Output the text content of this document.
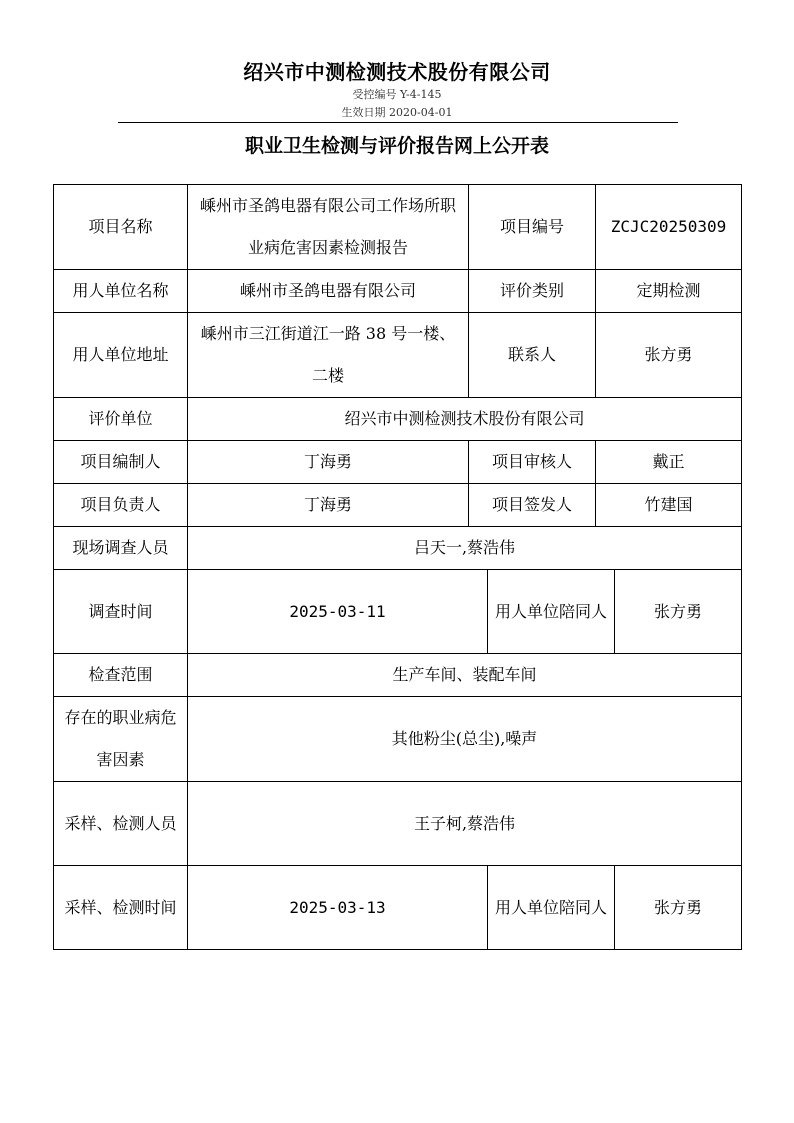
绍兴市中测检测技术股份有限公司
受控编号 Y-4-145
生效日期 2020-04-01
职业卫生检测与评价报告网上公开表
项目名称	嵊州市圣鸽电器有限公司工作场所职业病危害因素检测报告	项目编号		ZCJC20250309	
用人单位名称	嵊州市圣鸽电器有限公司	评价类别		定期检测	
用人单位地址	嵊州市三江街道江一路 38 号一楼、二楼	联系人		张方勇	
评价单位	绍兴市中测检测技术股份有限公司				
项目编制人	丁海勇	项目审核人		戴正	
项目负责人	丁海勇	项目签发人		竹建国	
现场调查人员	吕天一,蔡浩伟				
调查时间	2025-03-11		用人单位陪同人		张方勇
检查范围	生产车间、装配车间				
存在的职业病危害因素	其他粉尘(总尘),噪声				
采样、检测人员	王子柯,蔡浩伟				
采样、检测时间	2025-03-13		用人单位陪同人		张方勇
